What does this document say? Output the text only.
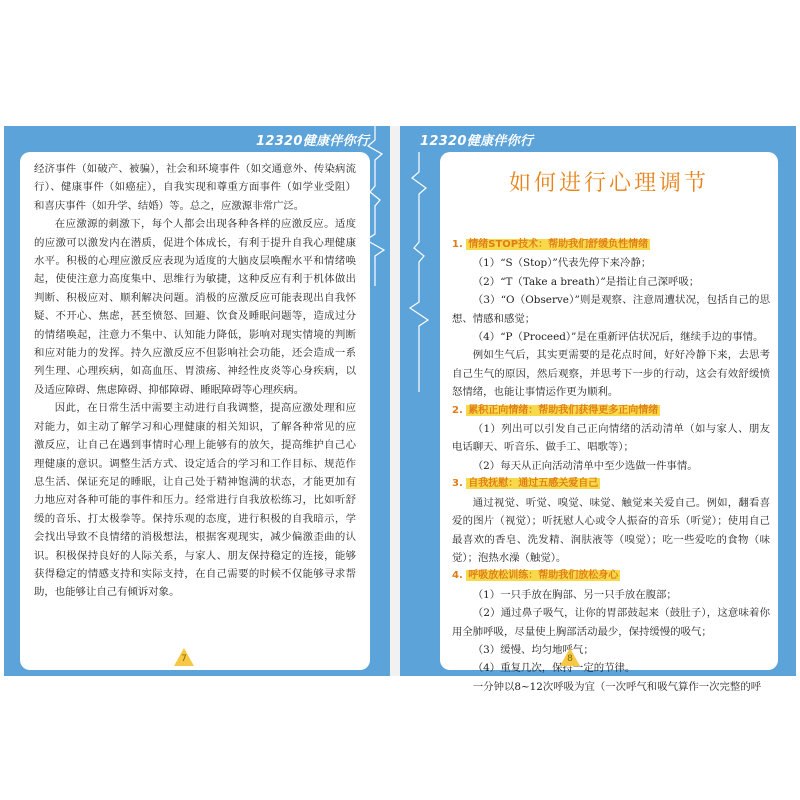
12320健康伴你行

经济事件（如破产、被骗），社会和环境事件（如交通意外、传染病流行）、健康事件（如癌症），自我实现和尊重方面事件（如学业受阻）和喜庆事件（如升学、结婚）等。总之，应激源非常广泛。

在应激源的刺激下，每个人都会出现各种各样的应激反应。适度的应激可以激发内在潜质，促进个体成长，有利于提升自我心理健康水平。积极的心理应激反应表现为适度的大脑皮层唤醒水平和情绪唤起，使使注意力高度集中、思维行为敏捷，这种反应有利于机体做出判断、积极应对、顺利解决问题。消极的应激反应可能表现出自我怀疑、不开心、焦虑，甚至愤怒、回避、饮食及睡眠问题等，造成过分的情绪唤起，注意力不集中、认知能力降低，影响对现实情境的判断和应对能力的发挥。持久应激反应不但影响社会功能，还会造成一系列生理、心理疾病，如高血压、胃溃疡、神经性皮炎等心身疾病，以及适应障碍、焦虑障碍、抑郁障碍、睡眠障碍等心理疾病。

因此，在日常生活中需要主动进行自我调整，提高应激处理和应对能力，如主动了解学习和心理健康的相关知识，了解各种常见的应激反应，让自己在遇到事情时心理上能够有的放矢，提高维护自己心理健康的意识。调整生活方式、设定适合的学习和工作目标、规范作息生活、保证充足的睡眠，让自己处于精神饱满的状态，才能更加有力地应对各种可能的事件和压力。经常进行自我放松练习，比如听舒缓的音乐、打太极拳等。保持乐观的态度，进行积极的自我暗示，学会找出导致不良情绪的消极想法，根据客观现实，减少偏激歪曲的认识。积极保持良好的人际关系，与家人、朋友保持稳定的连接，能够获得稳定的情感支持和实际支持，在自己需要的时候不仅能够寻求帮助，也能够让自己有倾诉对象。

7
12320健康伴你行
如何进行心理调节

1. 情绪STOP技术：帮助我们舒缓负性情绪

（1）“S（Stop）”代表先停下来冷静；

（2）“T（Take a breath）”是指让自己深呼吸；

（3）“O（Observe）”则是观察、注意周遭状况，包括自己的思想、情感和感觉；

（4）“P（Proceed）”是在重新评估状况后，继续手边的事情。

例如生气后，其实更需要的是花点时间，好好冷静下来，去思考自己生气的原因，然后观察，并思考下一步的行动，这会有效舒缓愤怒情绪，也能让事情运作更为顺利。

2. 累积正向情绪：帮助我们获得更多正向情绪

（1）列出可以引发自己正向情绪的活动清单（如与家人、朋友电话聊天、听音乐、做手工、唱歌等）；

（2）每天从正向活动清单中至少选做一件事情。

3. 自我抚慰：通过五感关爱自己

通过视觉、听觉、嗅觉、味觉、触觉来关爱自己。例如，翻看喜爱的图片（视觉）；听抚慰人心或令人振奋的音乐（听觉）；使用自己最喜欢的香皂、洗发精、润肤液等（嗅觉）；吃一些爱吃的食物（味觉）；泡热水澡（触觉）。

4. 呼吸放松训练：帮助我们放松身心

（1）一只手放在胸部、另一只手放在腹部；

（2）通过鼻子吸气，让你的胃部鼓起来（鼓肚子），这意味着你用全肺呼吸，尽量使上胸部活动最少，保持缓慢的吸气；

（3）缓慢、均匀地呼气；

（4）重复几次，保持一定的节律。

一分钟以8~12次呼吸为宜（一次呼气和吸气算作一次完整的呼

8
